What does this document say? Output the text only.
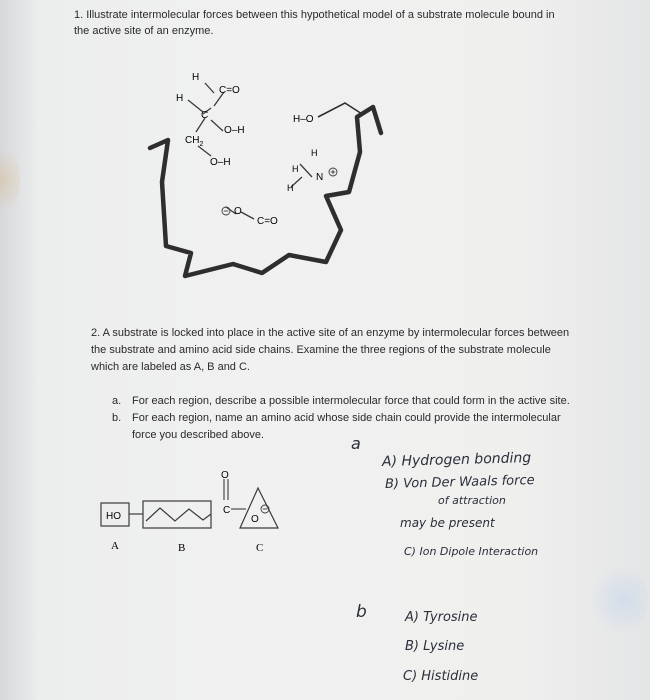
1. Illustrate intermolecular forces between this hypothetical model of a substrate molecule bound in
the active site of an enzyme.
H
C=O
H
C
O–H
$CH_2$
O–H
H–O
H
H
N
H
O
C=O
2. A substrate is locked into place in the active site of an enzyme by intermolecular forces between
the substrate and amino acid side chains. Examine the three regions of the substrate molecule
which are labeled as A, B and C.
a. For each region, describe a possible intermolecular force that could form in the active site.
b. For each region, name an amino acid whose side chain could provide the intermolecular
force you described above.
HO
O
C
O
A	B	C
a
A) Hydrogen bonding
B) Von Der Waals force
of attraction
may be present
C) Ion Dipole Interaction
b	A) Tyrosine
B) Lysine
C) Histidine
